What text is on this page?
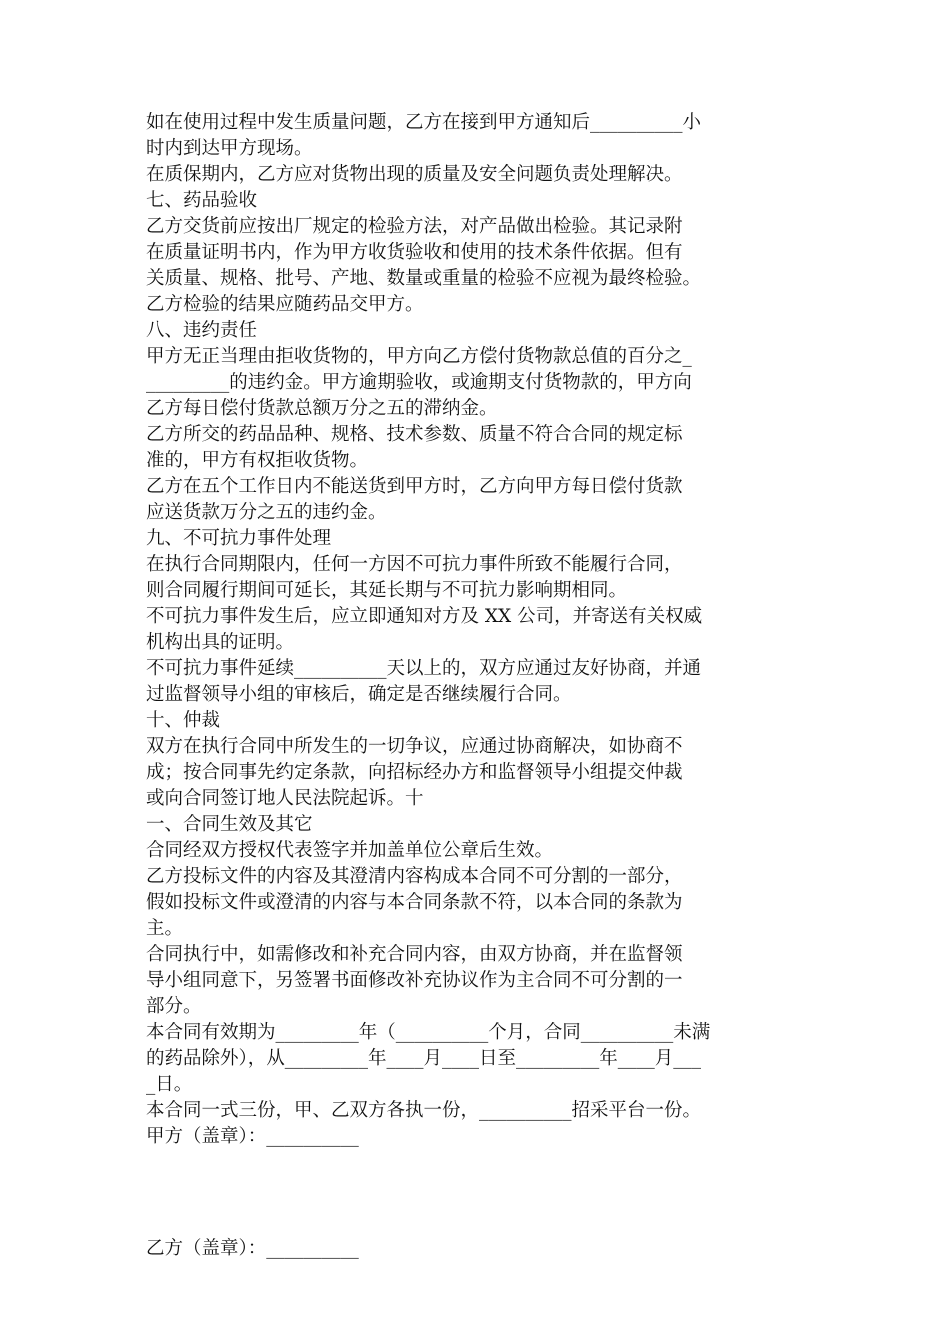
如在使用过程中发生质量问题，乙方在接到甲方通知后__________小
时内到达甲方现场。
在质保期内，乙方应对货物出现的质量及安全问题负责处理解决。
七、药品验收
乙方交货前应按出厂规定的检验方法，对产品做出检验。其记录附
在质量证明书内，作为甲方收货验收和使用的技术条件依据。但有
关质量、规格、批号、产地、数量或重量的检验不应视为最终检验。
乙方检验的结果应随药品交甲方。
八、违约责任
甲方无正当理由拒收货物的，甲方向乙方偿付货物款总值的百分之_
_________的违约金。甲方逾期验收，或逾期支付货物款的，甲方向
乙方每日偿付货款总额万分之五的滞纳金。
乙方所交的药品品种、规格、技术参数、质量不符合合同的规定标
准的，甲方有权拒收货物。
乙方在五个工作日内不能送货到甲方时，乙方向甲方每日偿付货款
应送货款万分之五的违约金。
九、不可抗力事件处理
在执行合同期限内，任何一方因不可抗力事件所致不能履行合同，
则合同履行期间可延长，其延长期与不可抗力影响期相同。
不可抗力事件发生后，应立即通知对方及 XX 公司，并寄送有关权威
机构出具的证明。
不可抗力事件延续__________天以上的，双方应通过友好协商，并通
过监督领导小组的审核后，确定是否继续履行合同。
十、仲裁
双方在执行合同中所发生的一切争议，应通过协商解决，如协商不
成；按合同事先约定条款，向招标经办方和监督领导小组提交仲裁
或向合同签订地人民法院起诉。十
一、合同生效及其它
合同经双方授权代表签字并加盖单位公章后生效。
乙方投标文件的内容及其澄清内容构成本合同不可分割的一部分，
假如投标文件或澄清的内容与本合同条款不符，以本合同的条款为
主。
合同执行中，如需修改和补充合同内容，由双方协商，并在监督领
导小组同意下，另签署书面修改补充协议作为主合同不可分割的一
部分。
本合同有效期为_________年（__________个月，合同__________未满
的药品除外），从_________年____月____日至_________年____月___
_日。
本合同一式三份，甲、乙双方各执一份，__________招采平台一份。
甲方（盖章）：__________
乙方（盖章）：__________
